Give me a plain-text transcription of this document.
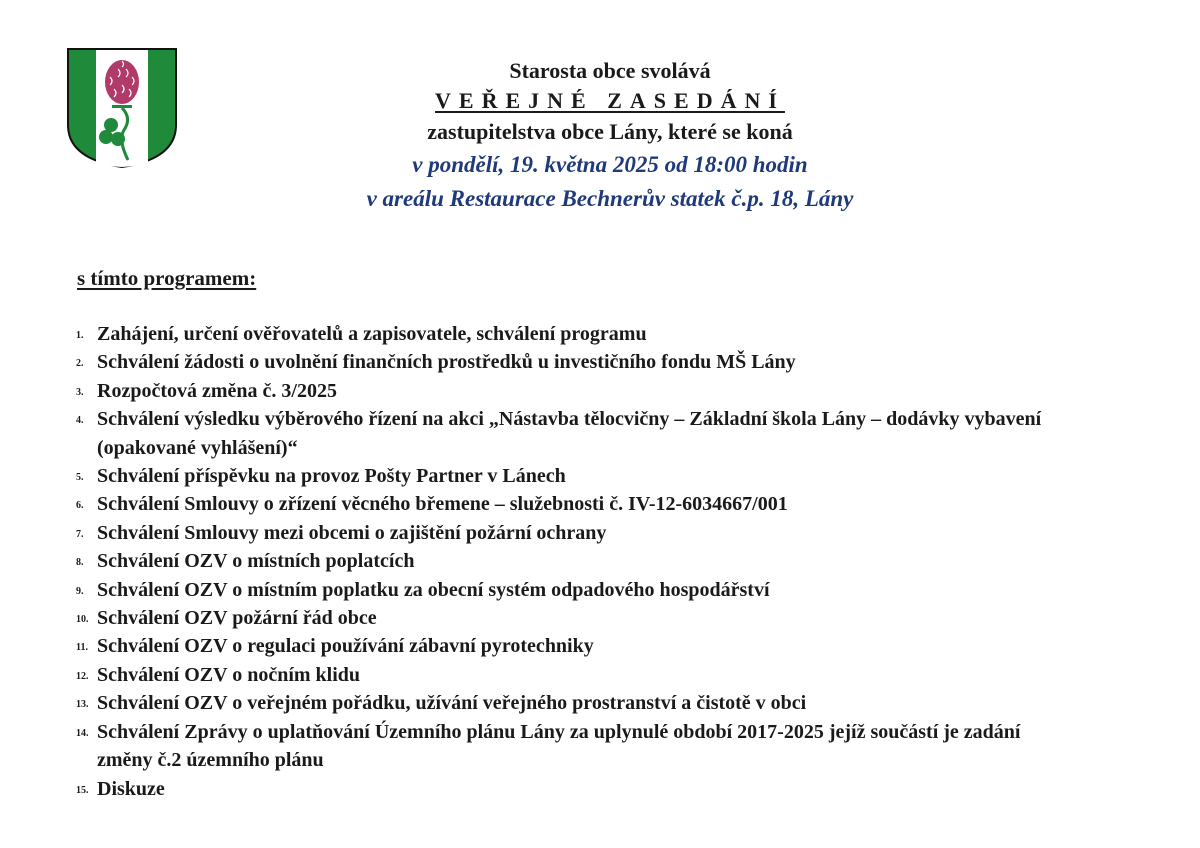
Starosta obce svolává
VEŘEJNÉ ZASEDÁNÍ
zastupitelstva obce Lány, které se koná
v pondělí, 19. května 2025 od 18:00 hodin
v areálu Restaurace Bechnerův statek č.p. 18, Lány
s tímto programem:
1. Zahájení, určení ověřovatelů a zapisovatele, schválení programu
2. Schválení žádosti o uvolnění finančních prostředků u investičního fondu MŠ Lány
3. Rozpočtová změna č. 3/2025
4. Schválení výsledku výběrového řízení na akci „Nástavba tělocvičny – Základní škola Lány – dodávky vybavení (opakované vyhlášení)“
5. Schválení příspěvku na provoz Pošty Partner v Lánech
6. Schválení Smlouvy o zřízení věcného břemene – služebnosti č. IV-12-6034667/001
7. Schválení Smlouvy mezi obcemi o zajištění požární ochrany
8. Schválení OZV o místních poplatcích
9. Schválení OZV o místním poplatku za obecní systém odpadového hospodářství
10. Schválení OZV požární řád obce
11. Schválení OZV o regulaci používání zábavní pyrotechniky
12. Schválení OZV o nočním klidu
13. Schválení OZV o veřejném pořádku, užívání veřejného prostranství a čistotě v obci
14. Schválení Zprávy o uplatňování Územního plánu Lány za uplynulé období 2017-2025 jejíž součástí je zadání změny č.2 územního plánu
15. Diskuze
